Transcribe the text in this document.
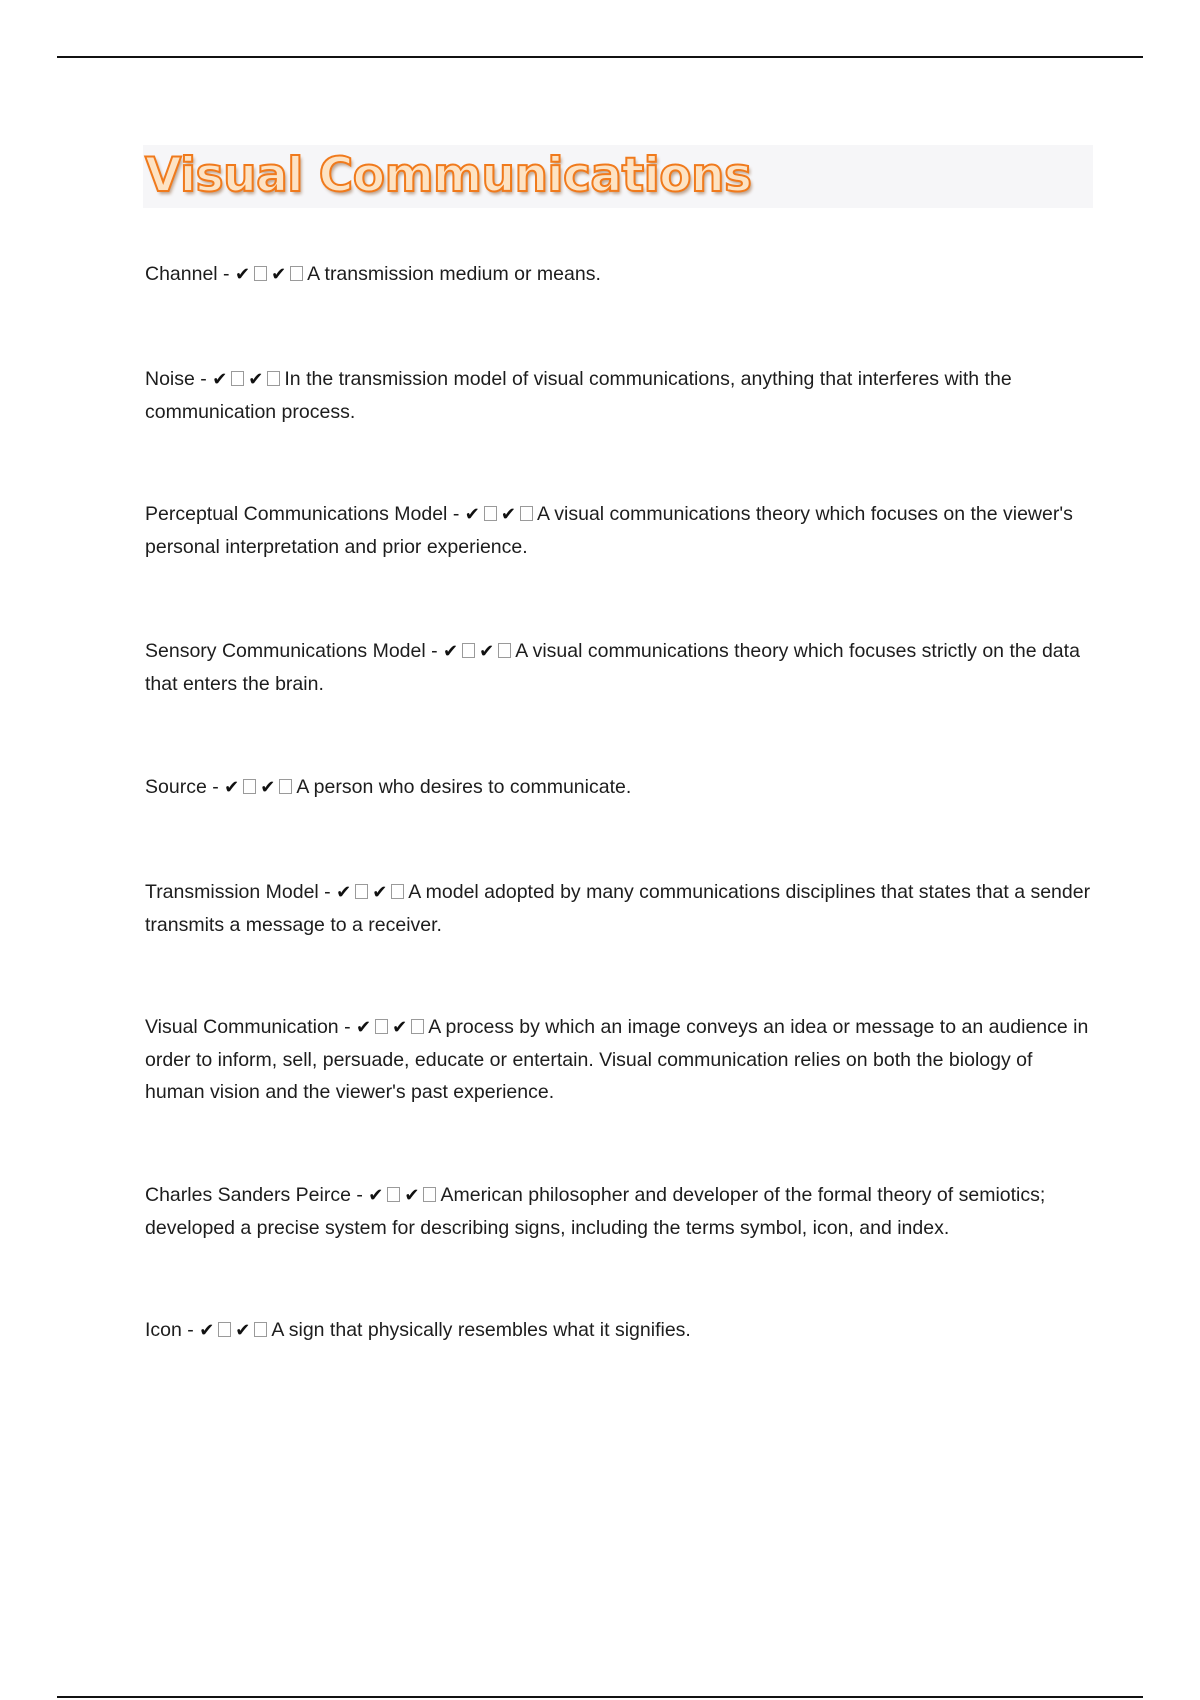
Visual Communications

Channel - ✔ ✔ A transmission medium or means.

Noise - ✔ ✔ In the transmission model of visual communications, anything that interferes with the communication process.

Perceptual Communications Model - ✔ ✔ A visual communications theory which focuses on the viewer's personal interpretation and prior experience.

Sensory Communications Model - ✔ ✔ A visual communications theory which focuses strictly on the data that enters the brain.

Source - ✔ ✔ A person who desires to communicate.

Transmission Model - ✔ ✔ A model adopted by many communications disciplines that states that a sender transmits a message to a receiver.

Visual Communication - ✔ ✔ A process by which an image conveys an idea or message to an audience in order to inform, sell, persuade, educate or entertain. Visual communication relies on both the biology of human vision and the viewer's past experience.

Charles Sanders Peirce - ✔ ✔ American philosopher and developer of the formal theory of semiotics; developed a precise system for describing signs, including the terms symbol, icon, and index.

Icon - ✔ ✔ A sign that physically resembles what it signifies.
